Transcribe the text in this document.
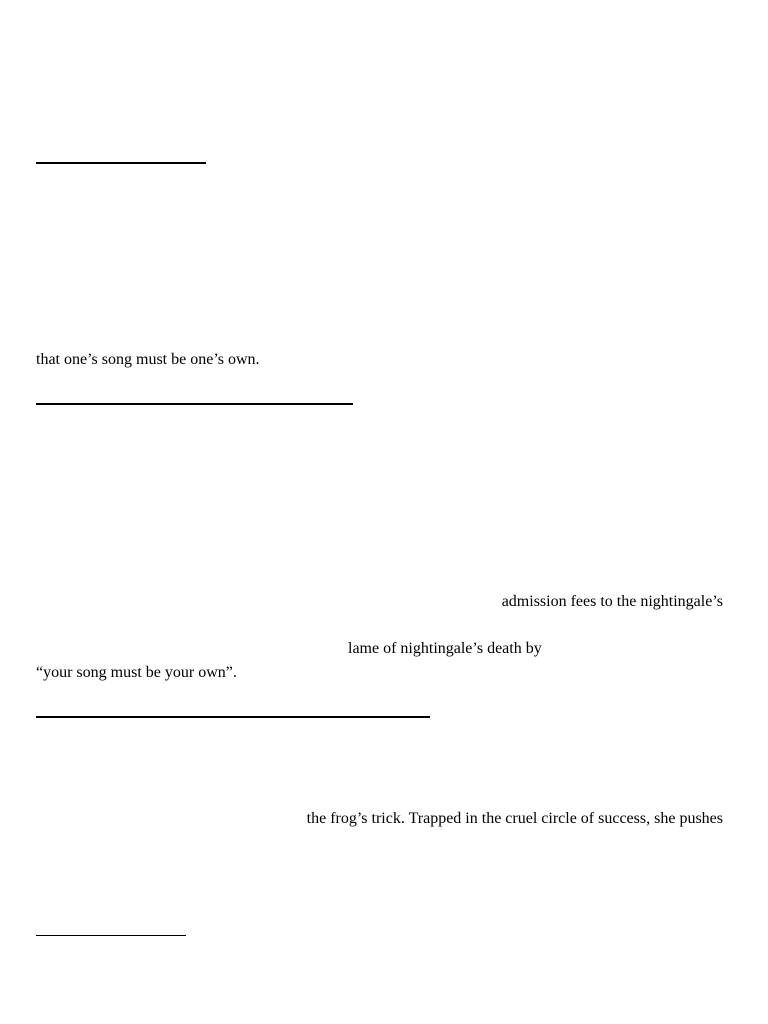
that one’s song must be one’s own.
admission fees to the nightingale’s
lame of nightingale’s death by
“your song must be your own”.
the frog’s trick. Trapped in the cruel circle of success, she pushes
